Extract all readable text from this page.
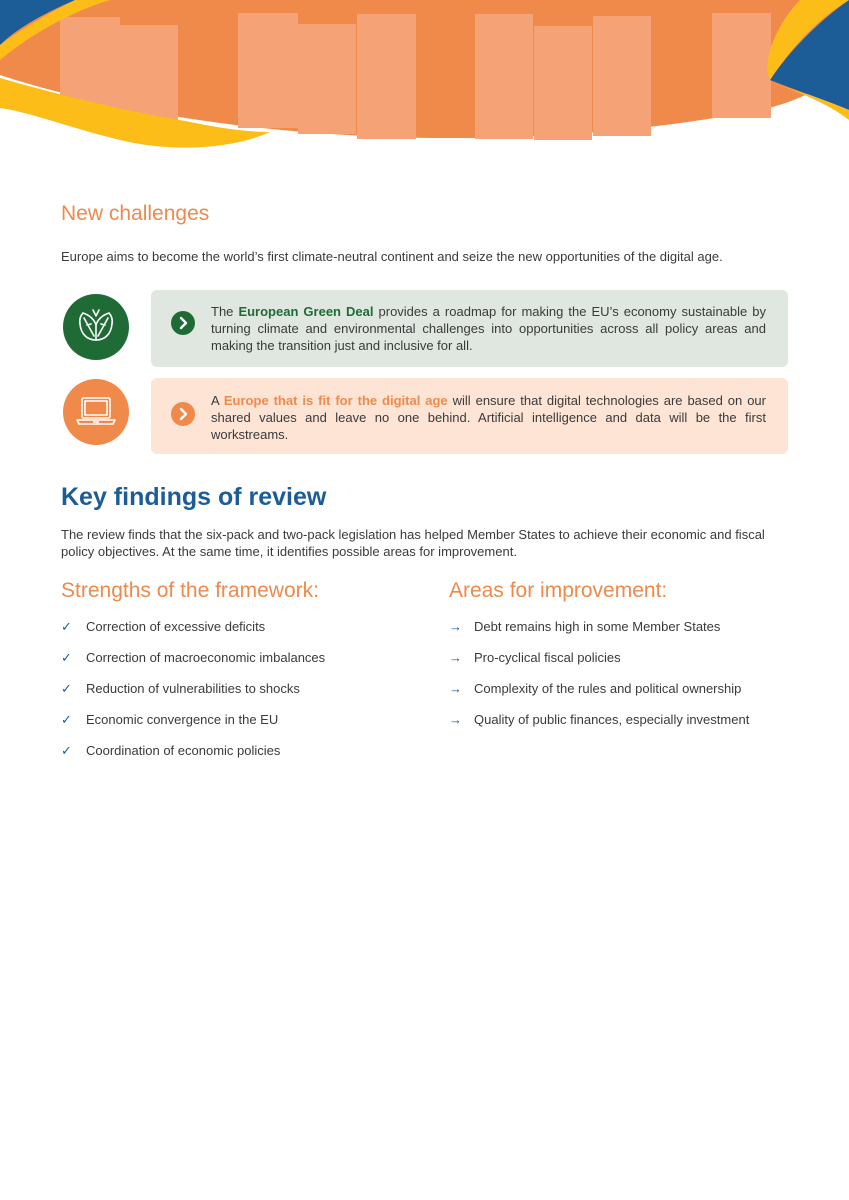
New challenges

Europe aims to become the world’s first climate-neutral continent and seize the new opportunities of the digital age.

The European Green Deal provides a roadmap for making the EU’s economy sustainable by turning climate and environmental challenges into opportunities across all policy areas and making the transition just and inclusive for all.

A Europe that is fit for the digital age will ensure that digital technologies are based on our shared values and leave no one behind. Artificial intelligence and data will be the first workstreams.

Key findings of review

The review finds that the six-pack and two-pack legislation has helped Member States to achieve their economic and fiscal policy objectives. At the same time, it identifies possible areas for improvement.

Strengths of the framework:	Areas for improvement:
✓ Correction of excessive deficits
✓ Correction of macroeconomic imbalances
✓ Reduction of vulnerabilities to shocks
✓ Economic convergence in the EU
✓ Coordination of economic policies
→ Debt remains high in some Member States
→ Pro-cyclical fiscal policies
→ Complexity of the rules and political ownership
→ Quality of public finances, especially investment
